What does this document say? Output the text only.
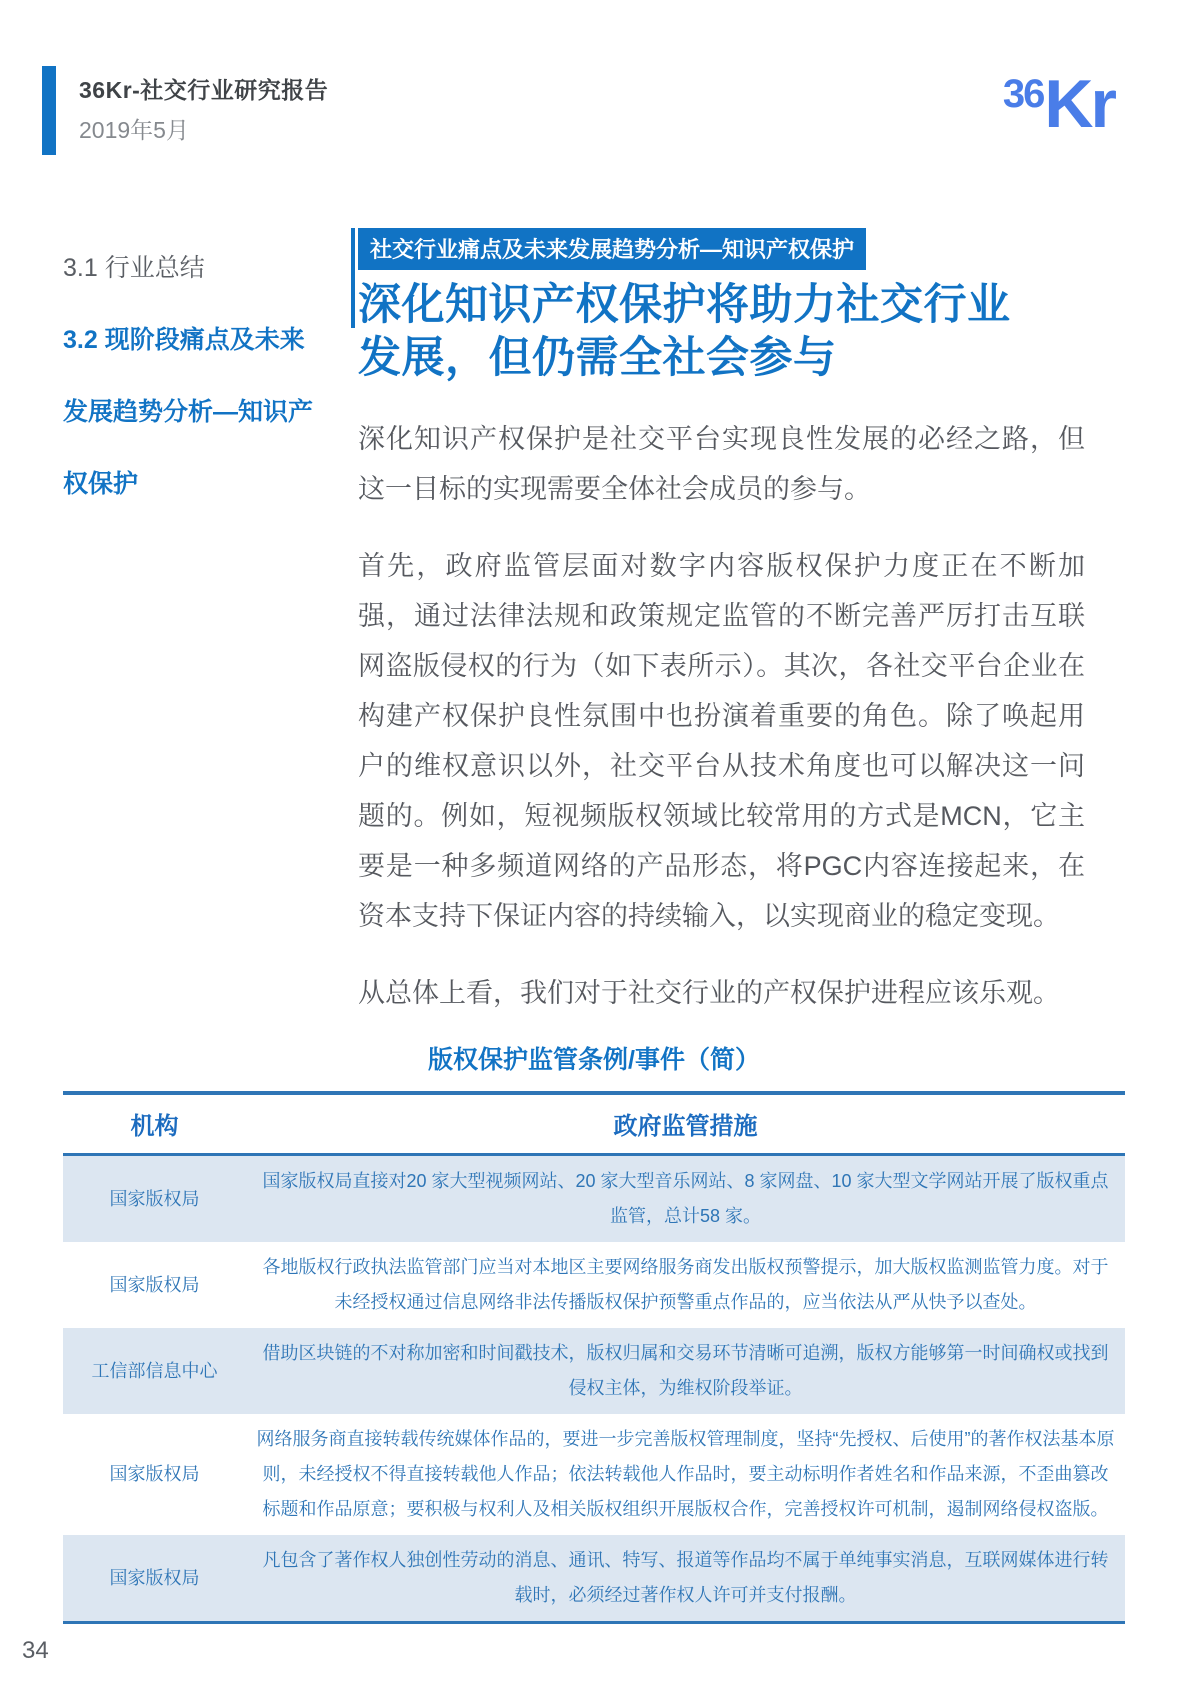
36Kr-社交行业研究报告
2019年5月
36 Kr
3.1 行业总结
3.2 现阶段痛点及未来
发展趋势分析—知识产
权保护
社交行业痛点及未来发展趋势分析—知识产权保护
深化知识产权保护将助力社交行业
发展，但仍需全社会参与

深化知识产权保护是社交平台实现良性发展的必经之路，但这一目标的实现需要全体社会成员的参与。

首先，政府监管层面对数字内容版权保护力度正在不断加强，通过法律法规和政策规定监管的不断完善严厉打击互联网盗版侵权的行为（如下表所示）。其次，各社交平台企业在构建产权保护良性氛围中也扮演着重要的角色。除了唤起用户的维权意识以外，社交平台从技术角度也可以解决这一问题的。例如，短视频版权领域比较常用的方式是MCN，它主要是一种多频道网络的产品形态，将PGC内容连接起来，在资本支持下保证内容的持续输入，以实现商业的稳定变现。

从总体上看，我们对于社交行业的产权保护进程应该乐观。

版权保护监管条例/事件（简）
机构	政府监管措施
国家版权局	国家版权局直接对20 家大型视频网站、20 家大型音乐网站、8 家网盘、10 家大型文学网站开展了版权重点监管，总计58 家。
国家版权局	各地版权行政执法监管部门应当对本地区主要网络服务商发出版权预警提示，加大版权监测监管力度。对于未经授权通过信息网络非法传播版权保护预警重点作品的，应当依法从严从快予以查处。
工信部信息中心	借助区块链的不对称加密和时间戳技术，版权归属和交易环节清晰可追溯，版权方能够第一时间确权或找到侵权主体，为维权阶段举证。
国家版权局	网络服务商直接转载传统媒体作品的，要进一步完善版权管理制度，坚持“先授权、后使用”的著作权法基本原则，未经授权不得直接转载他人作品；依法转载他人作品时，要主动标明作者姓名和作品来源，不歪曲篡改标题和作品原意；要积极与权利人及相关版权组织开展版权合作，完善授权许可机制，遏制网络侵权盗版。
国家版权局	凡包含了著作权人独创性劳动的消息、通讯、特写、报道等作品均不属于单纯事实消息，互联网媒体进行转载时，必须经过著作权人许可并支付报酬。
34
